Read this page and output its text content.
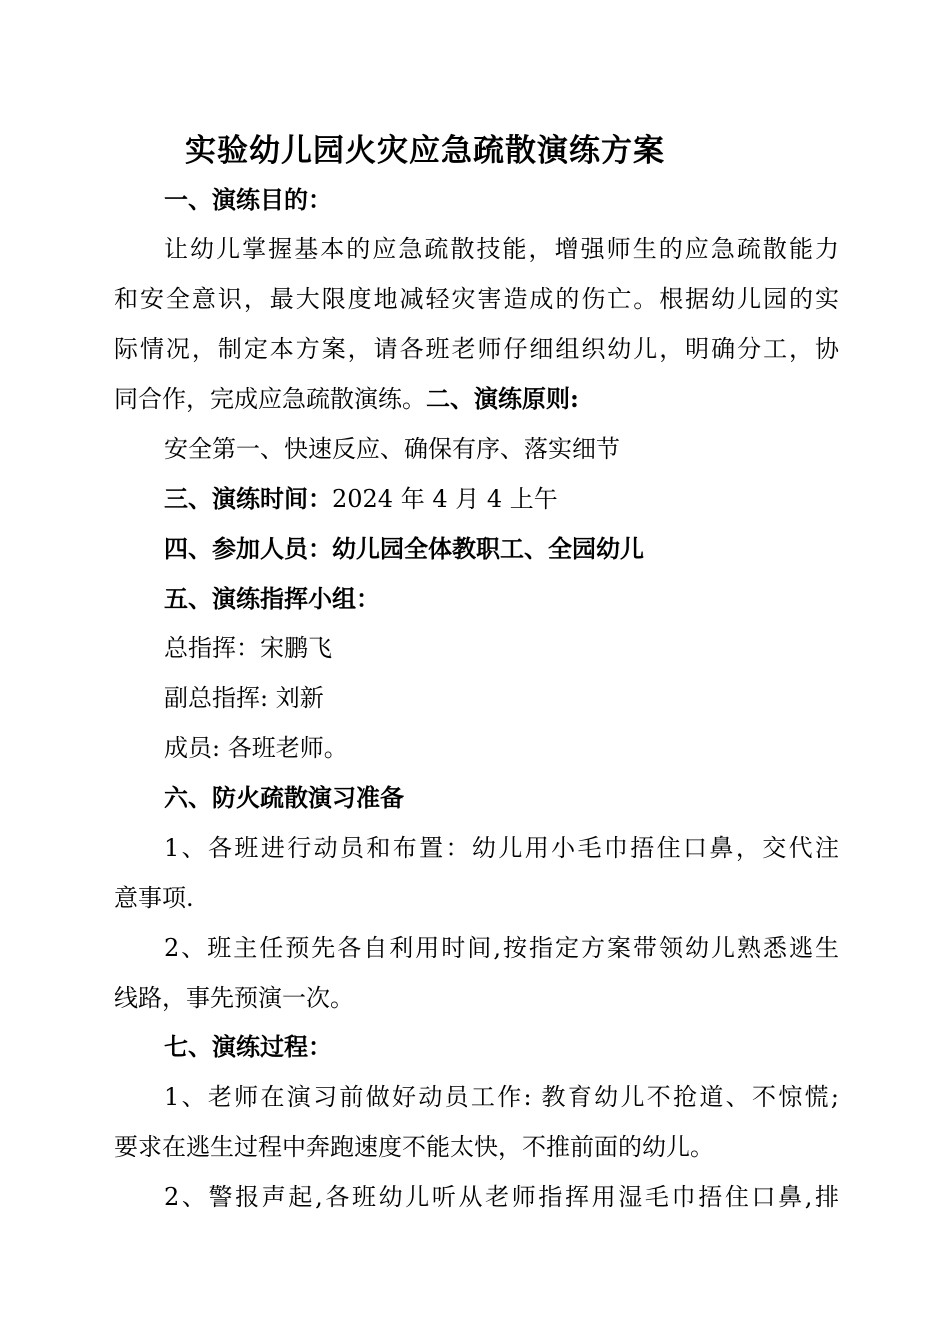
实验幼儿园火灾应急疏散演练方案
一、演练目的：
让幼儿掌握基本的应急疏散技能，增强师生的应急疏散能力
和安全意识，最大限度地减轻灾害造成的伤亡。根据幼儿园的实
际情况，制定本方案，请各班老师仔细组织幼儿，明确分工，协
同合作，完成应急疏散演练。二、演练原则:
安全第一、快速反应、确保有序、落实细节
三、演练时间：2024 年 4 月 4 上午
四、参加人员：幼儿园全体教职工、全园幼儿
五、演练指挥小组：
总指挥：宋鹏飞
副总指挥: 刘新
成员: 各班老师。
六、防火疏散演习准备
1、各班进行动员和布置：幼儿用小毛巾捂住口鼻，交代注
意事项.
2、班主任预先各自利用时间,按指定方案带领幼儿熟悉逃生
线路，事先预演一次。
七、演练过程：
1、老师在演习前做好动员工作: 教育幼儿不抢道、不惊慌;
要求在逃生过程中奔跑速度不能太快，不推前面的幼儿。
2、警报声起,各班幼儿听从老师指挥用湿毛巾捂住口鼻,排
